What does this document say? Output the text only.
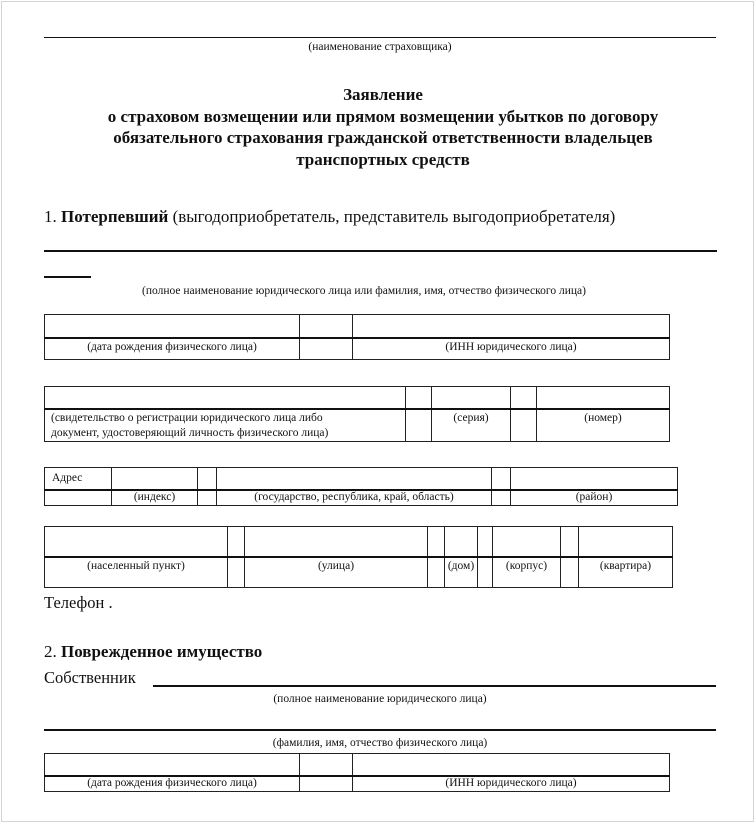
(наименование страховщика)
Заявление
о страховом возмещении или прямом возмещении убытков по договору
обязательного страхования гражданской ответственности владельцев
транспортных средств
1. Потерпевший (выгодоприобретатель, представитель выгодоприобретателя)
(полное наименование юридического лица или фамилия, имя, отчество физического лица)

(дата рождения физического лица)		(ИНН юридического лица)

(свидетельство о регистрации юридического лица либо
документ, удостоверяющий личность физического лица)		(серия)		(номер)
Адрес					
	(индекс)		(государство, республика, край, область)		(район)

(населенный пункт)		(улица)		(дом)		(корпус)		(квартира)
Телефон .
2. Поврежденное имущество
Собственник
(полное наименование юридического лица)
(фамилия, имя, отчество физического лица)

(дата рождения физического лица)		(ИНН юридического лица)
